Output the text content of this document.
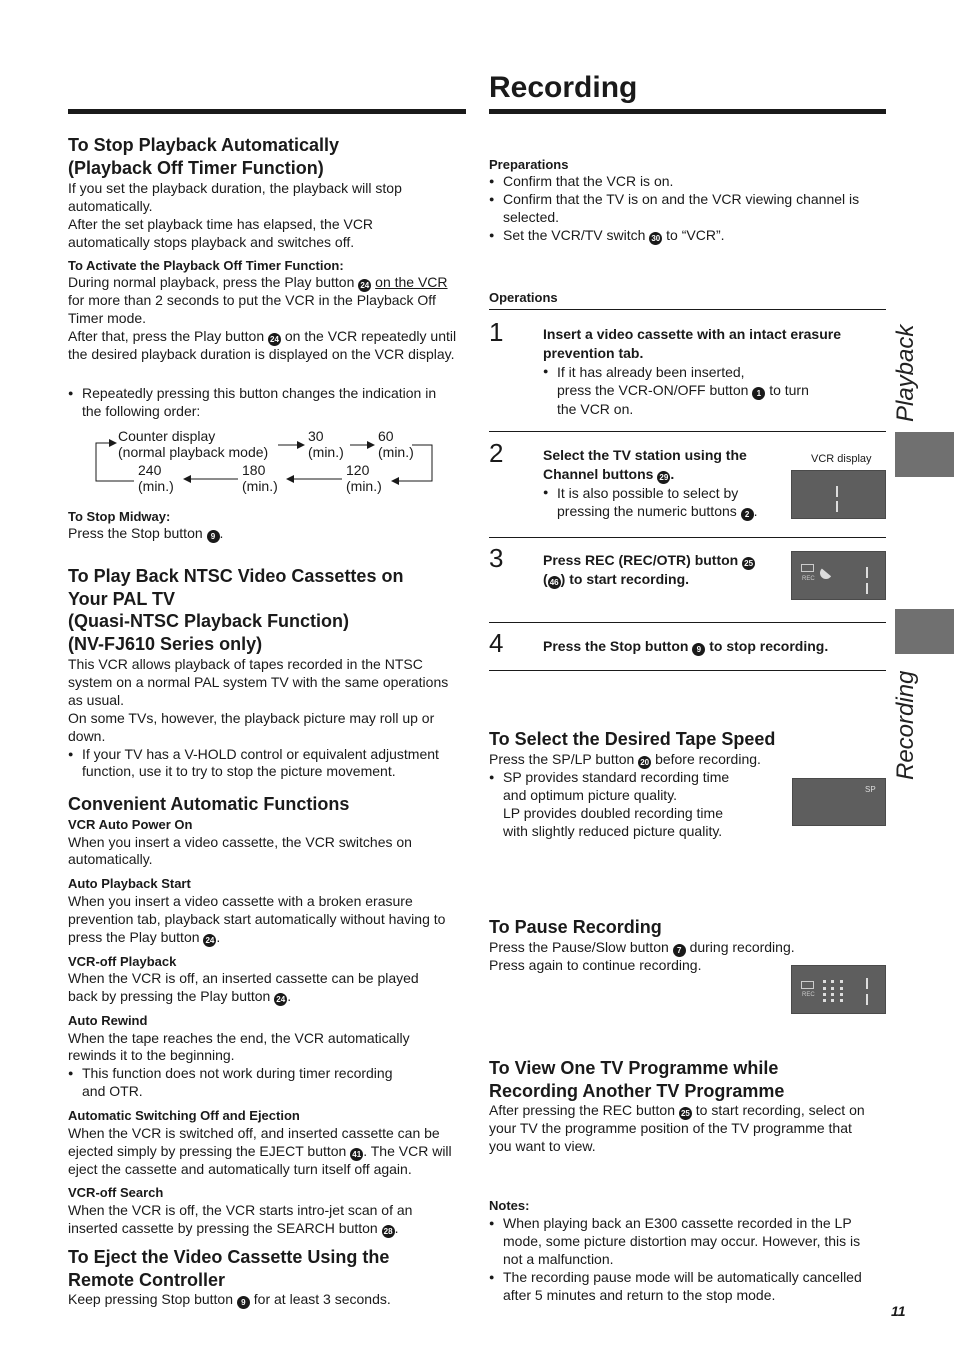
Recording
To Stop Playback Automatically
(Playback Off Timer Function)
If you set the playback duration, the playback will stop
automatically.
After the set playback time has elapsed, the VCR
automatically stops playback and switches off.
To Activate the Playback Off Timer Function:
During normal playback, press the Play button 24 on the VCR
for more than 2 seconds to put the VCR in the Playback Off
Timer mode.
After that, press the Play button 24 on the VCR repeatedly until
the desired playback duration is displayed on the VCR display.
● Repeatedly pressing this button changes the indication in
the following order:
Counter display
(normal playback mode)
30
(min.)
60
(min.)
240
(min.)
180
(min.)
120
(min.)
To Stop Midway:
Press the Stop button 9 .
To Play Back NTSC Video Cassettes on
Your PAL TV
(Quasi-NTSC Playback Function)
(NV-FJ610 Series only)
This VCR allows playback of tapes recorded in the NTSC
system on a normal PAL system TV with the same operations
as usual.
On some TVs, however, the playback picture may roll up or
down.
● If your TV has a V-HOLD control or equivalent adjustment
function, use it to try to stop the picture movement.
Convenient Automatic Functions
VCR Auto Power On
When you insert a video cassette, the VCR switches on
automatically.
Auto Playback Start
When you insert a video cassette with a broken erasure
prevention tab, playback start automatically without having to
press the Play button 24 .
VCR-off Playback
When the VCR is off, an inserted cassette can be played
back by pressing the Play button 24 .
Auto Rewind
When the tape reaches the end, the VCR automatically
rewinds it to the beginning.
● This function does not work during timer recording
and OTR.
Automatic Switching Off and Ejection
When the VCR is switched off, and inserted cassette can be
ejected simply by pressing the EJECT button 41 . The VCR will
eject the cassette and automatically turn itself off again.
VCR-off Search
When the VCR is off, the VCR starts intro-jet scan of an
inserted cassette by pressing the SEARCH button 28 .
To Eject the Video Cassette Using the
Remote Controller
Keep pressing Stop button 9 for at least 3 seconds.
Preparations
● Confirm that the VCR is on.
● Confirm that the TV is on and the VCR viewing channel is
selected.
● Set the VCR/TV switch 30 to “VCR”.
Operations
1	Insert a video cassette with an intact erasure
prevention tab.
● If it has already been inserted,
press the VCR-ON/OFF button 1 to turn
the VCR on.
2	Select the TV station using the
Channel buttons 29 .
● It is also possible to select by
pressing the numeric buttons 2 .
VCR display
3	Press REC (REC/OTR) button 25
( 46 ) to start recording.	REC
4	Press the Stop button 9 to stop recording.
To Select the Desired Tape Speed
Press the SP/LP button 20 before recording.
● SP provides standard recording time
and optimum picture quality.
LP provides doubled recording time
with slightly reduced picture quality.
SP
To Pause Recording
Press the Pause/Slow button 7 during recording.
Press again to continue recording.
REC
To View One TV Programme while
Recording Another TV Programme
After pressing the REC button 25 to start recording, select on
your TV the programme position of the TV programme that
you want to view.
Notes:
● When playing back an E300 cassette recorded in the LP
mode, some picture distortion may occur. However, this is
not a malfunction.
● The recording pause mode will be automatically cancelled
after 5 minutes and return to the stop mode.
Playback
Recording
11
